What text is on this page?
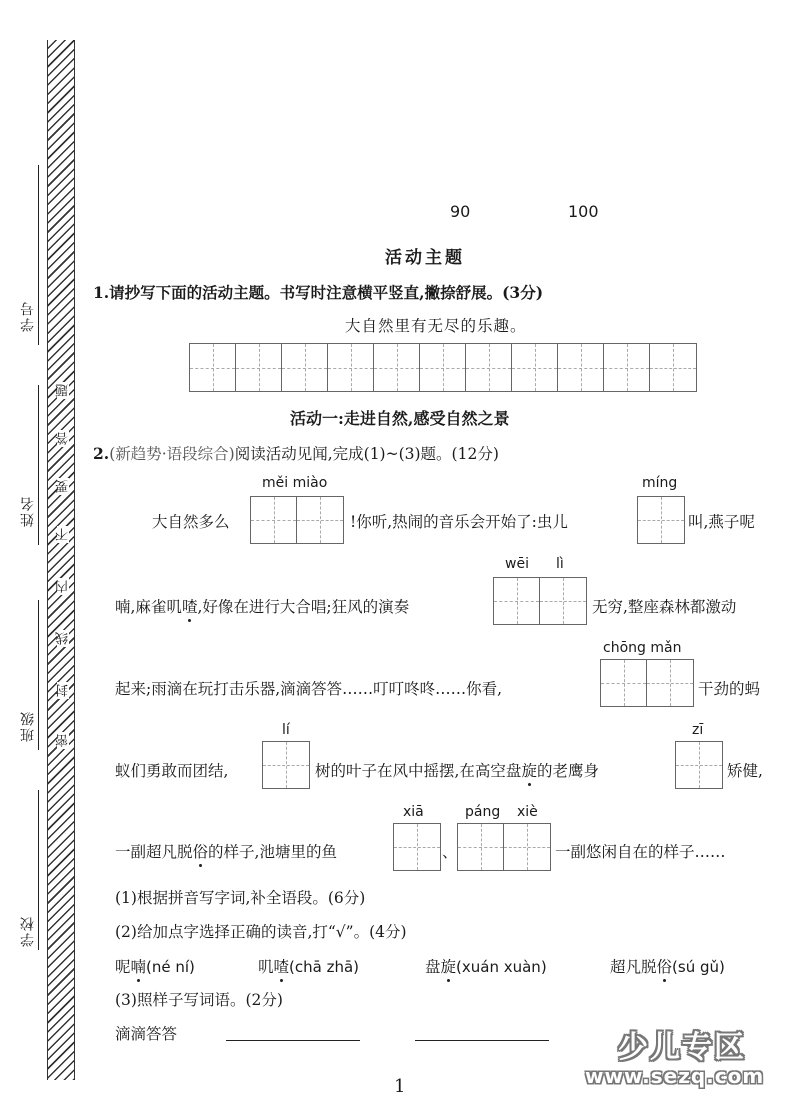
学号
姓名
班级
学校
题
答
要
不
内
线
封
密
90	100
活动主题
1.请抄写下面的活动主题。书写时注意横平竖直,撇捺舒展。(3分)
大自然里有无尽的乐趣。
活动一:走进自然,感受自然之景
2.(新趋势·语段综合)阅读活动见闻,完成(1)~(3)题。(12分)
měi miào	míng
大自然多么	!你听,热闹的音乐会开始了:虫儿	叫,燕子呢
wēi lì
喃,麻雀叽喳,好像在进行大合唱;狂风的演奏	无穷,整座森林都激动
chōng mǎn
起来;雨滴在玩打击乐器,滴滴答答……叮叮咚咚……你看,	干劲的蚂
lí	zī
蚁们勇敢而团结,	树的叶子在风中摇摆,在高空盘旋的老鹰身	矫健,
xiā	páng xiè
一副超凡脱俗的样子,池塘里的鱼	、	一副悠闲自在的样子……
(1)根据拼音写字词,补全语段。(6分)
(2)给加点字选择正确的读音,打“√”。(4分)
呢喃(né ní)	叽喳(chā zhā)	盘旋(xuán xuàn)	超凡脱俗(sú gǔ)
(3)照样子写词语。(2分)
滴滴答答
1
少儿专区
www.sezq.com
